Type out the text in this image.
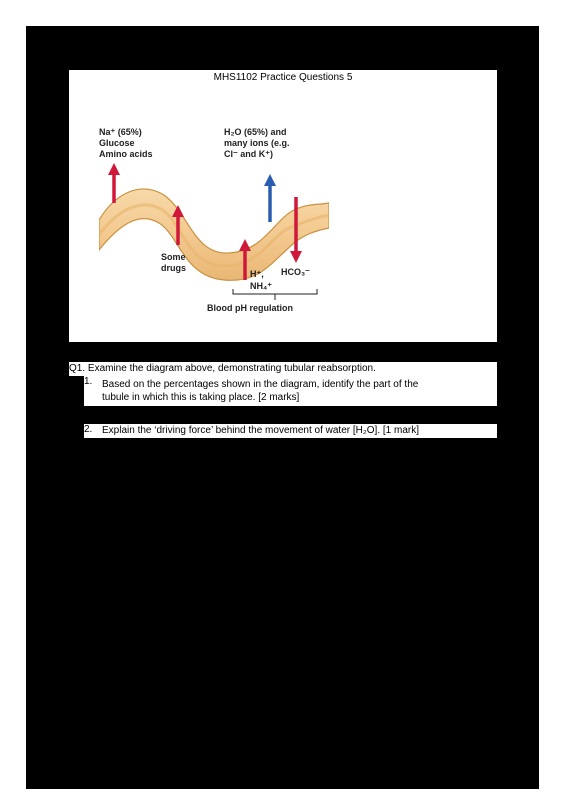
MHS1102 Practice Questions 5
Na⁺ (65%)
Glucose
Amino acids
H₂O (65%) and
many ions (e.g.
Cl⁻ and K⁺)
Some
drugs
H⁺,
NH₄⁺
HCO₃⁻
Blood pH regulation
Q1. Examine the diagram above, demonstrating tubular reabsorption.
1. Based on the percentages shown in the diagram, identify the part of the
tubule in which this is taking place. [2 marks]
2. Explain the ‘driving force’ behind the movement of water [H₂O]. [1 mark]
